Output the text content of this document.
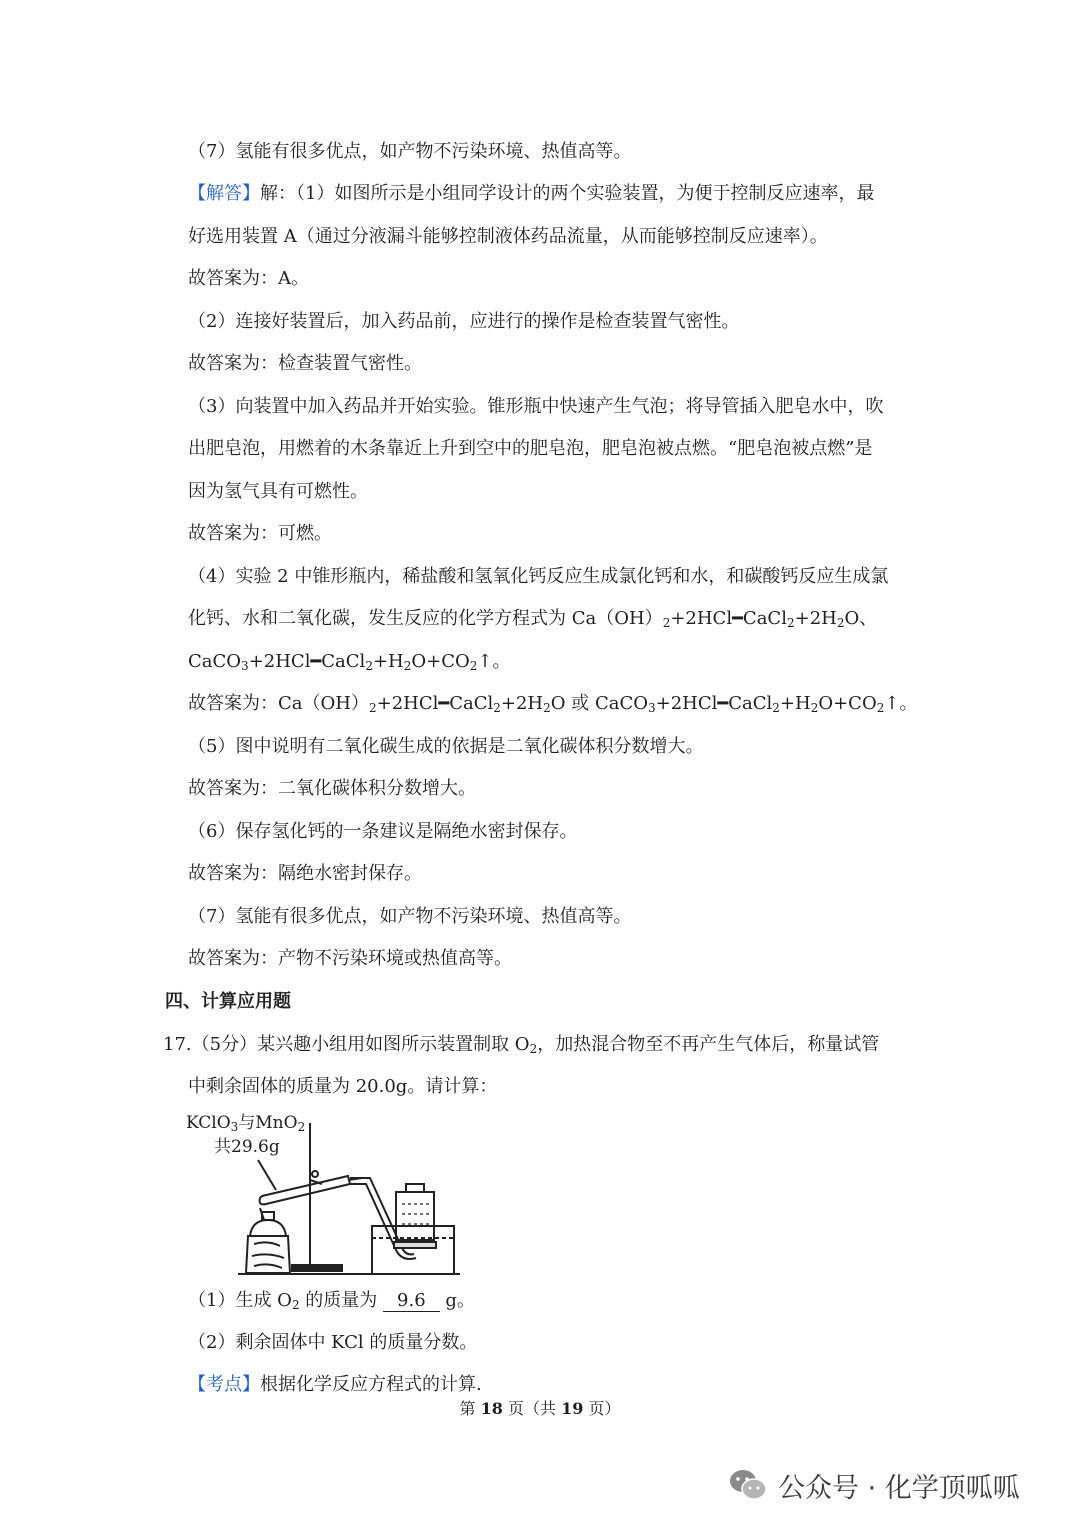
（7）氢能有很多优点，如产物不污染环境、热值高等。
【解答】解：（1）如图所示是小组同学设计的两个实验装置，为便于控制反应速率，最
好选用装置 A（通过分液漏斗能够控制液体药品流量，从而能够控制反应速率）。
故答案为：A。
（2）连接好装置后，加入药品前，应进行的操作是检查装置气密性。
故答案为：检查装置气密性。
（3）向装置中加入药品并开始实验。锥形瓶中快速产生气泡；将导管插入肥皂水中，吹
出肥皂泡，用燃着的木条靠近上升到空中的肥皂泡，肥皂泡被点燃。“肥皂泡被点燃”是
因为氢气具有可燃性。
故答案为：可燃。
（4）实验 2 中锥形瓶内，稀盐酸和氢氧化钙反应生成氯化钙和水，和碳酸钙反应生成氯
化钙、水和二氧化碳，发生反应的化学方程式为 $Ca(OH)_2+2HCl━CaCl_2+2H_2O$、
$CaCO_3+2HCl━CaCl_2+H_2O+CO_2↑$。
故答案为：$Ca(OH)_2+2HCl━CaCl_2+2H_2O$ 或 $CaCO_3+2HCl━CaCl_2+H_2O+CO_2↑$。
（5）图中说明有二氧化碳生成的依据是二氧化碳体积分数增大。
故答案为：二氧化碳体积分数增大。
（6）保存氢化钙的一条建议是隔绝水密封保存。
故答案为：隔绝水密封保存。
（7）氢能有很多优点，如产物不污染环境、热值高等。
故答案为：产物不污染环境或热值高等。
四、计算应用题
17.（5分）某兴趣小组用如图所示装置制取 $O_2$，加热混合物至不再产生气体后，称量试管
中剩余固体的质量为 20.0g。请计算：
KClO$_3$与MnO$_2$
共29.6g
（1）生成 $O_2$ 的质量为 9.6 g。
（2）剩余固体中 KCl 的质量分数。
【考点】根据化学反应方程式的计算.
第 18 页（共 19 页）
公众号 · 化学顶呱呱
